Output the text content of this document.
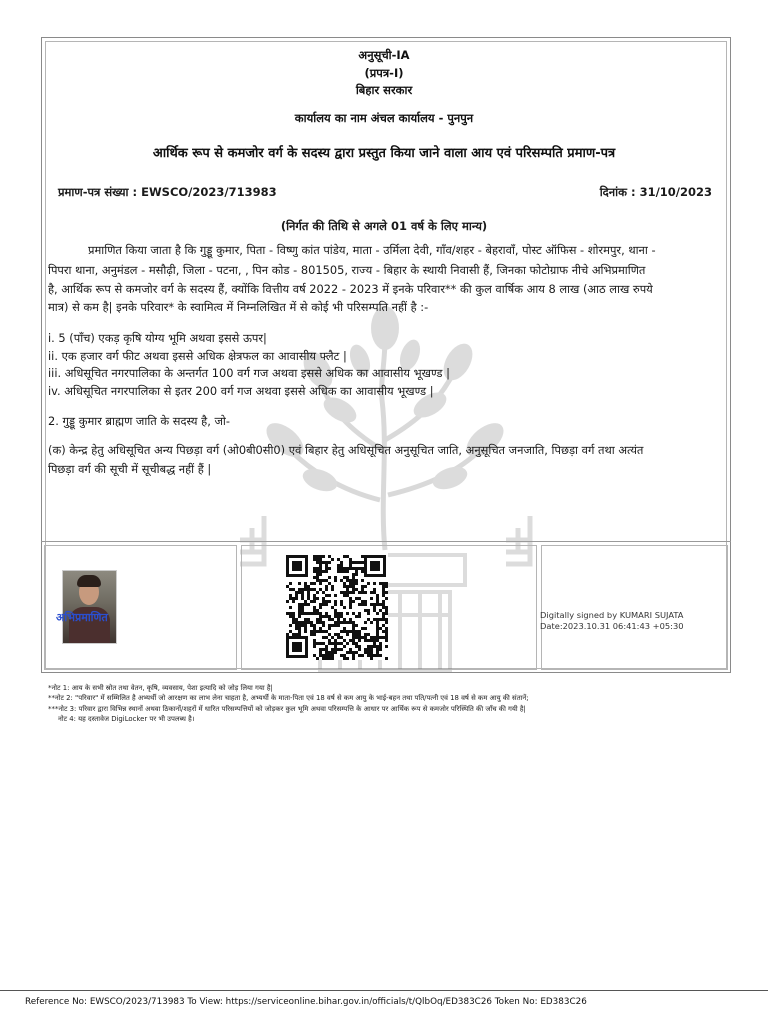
अनुसूची-IA
(प्रपत्र-I)
बिहार सरकार
कार्यालय का नाम अंचल कार्यालय - पुनपुन
आर्थिक रूप से कमजोर वर्ग के सदस्य द्वारा प्रस्तुत किया जाने वाला आय एवं परिसम्पति प्रमाण-पत्र
प्रमाण-पत्र संख्या : EWSCO/2023/713983	दिनांक : 31/10/2023
(निर्गत की तिथि से अगले 01 वर्ष के लिए मान्य)
प्रमाणित किया जाता है कि गुड्डू कुमार, पिता - विष्णु कांत पांडेय, माता - उर्मिला देवी, गाँव/शहर - बेहरावाँ, पोस्ट ऑफिस - शोरमपुर, थाना -
पिपरा थाना, अनुमंडल - मसौढ़ी, जिला - पटना, , पिन कोड - 801505, राज्य - बिहार के स्थायी निवासी हैं, जिनका फोटोग्राफ नीचे अभिप्रमाणित
है, आर्थिक रूप से कमजोर वर्ग के सदस्य हैं, क्योंकि वित्तीय वर्ष 2022 - 2023 में इनके परिवार** की कुल वार्षिक आय 8 लाख (आठ लाख रुपये
मात्र) से कम है| इनके परिवार* के स्वामित्व में निम्नलिखित में से कोई भी परिसम्पति नहीं है :-
i. 5 (पाँच) एकड़ कृषि योग्य भूमि अथवा इससे ऊपर|
ii. एक हजार वर्ग फीट अथवा इससे अधिक क्षेत्रफल का आवासीय फ्लैट |
iii. अधिसूचित नगरपालिका के अन्तर्गत 100 वर्ग गज अथवा इससे अधिक का आवासीय भूखण्ड |
iv. अधिसूचित नगरपालिका से इतर 200 वर्ग गज अथवा इससे अधिक का आवासीय भूखण्ड |
2. गुड्डू कुमार ब्राह्मण जाति के सदस्य है, जो-
(क) केन्द्र हेतु अधिसूचित अन्य पिछड़ा वर्ग (ओ0बी0सी0) एवं बिहार हेतु अधिसूचित अनुसूचित जाति, अनुसूचित जनजाति, पिछड़ा वर्ग तथा अत्यंत
पिछड़ा वर्ग की सूची में सूचीबद्ध नहीं हैं |
अभिप्रमाणित	Digitally signed by KUMARI SUJATA
Date:2023.10.31 06:41:43 +05:30
*नोट 1: आय के सभी स्रोत तथा वेतन, कृषि, व्यवसाय, पेशा इत्यादि को जोड़ लिया गया है|
**नोट 2: "परिवार" में सम्मिलित है अभ्यर्थी जो आरक्षण का लाभ लेना चाहता है, अभ्यर्थी के माता-पिता एवं 18 वर्ष से कम आयु के भाई-बहन तथा पति/पत्नी एवं 18 वर्ष से कम आयु की संतानें;
***नोट 3: परिवार द्वारा विभिन्न स्थानों अथवा ठिकानों/शहरों में धारित परिसम्पत्तियों को जोड़कर कुल भूमि अथवा परिसम्पत्ति के आधार पर आर्थिक रूप से कमजोर परिस्थिति की जाँच की गयी है|
नोट 4: यह दस्तावेज DigiLocker पर भी उपलब्ध है।
Reference No: EWSCO/2023/713983 To View: https://serviceonline.bihar.gov.in/officials/t/QlbOq/ED383C26 Token No: ED383C26
